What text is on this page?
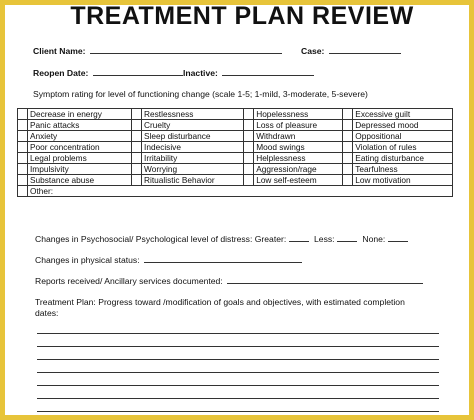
TREATMENT PLAN REVIEW
Client Name:	Case:
Reopen Date:	Inactive:
Symptom rating for level of functioning change (scale 1-5; 1-mild, 3-moderate, 5-severe)
	Decrease in energy		Restlessness		Hopelessness		Excessive guilt
	Panic attacks		Cruelty		Loss of pleasure		Depressed mood
	Anxiety		Sleep disturbance		Withdrawn		Oppositional
	Poor concentration		Indecisive		Mood swings		Violation of rules
	Legal problems		Irritability		Helplessness		Eating disturbance
	Impulsivity		Worrying		Aggression/rage		Tearfulness
	Substance abuse		Ritualistic Behavior		Low self-esteem		Low motivation
	Other:						
Changes in Psychosocial/ Psychological level of distress: Greater:	Less:	None:
Changes in physical status:
Reports received/ Ancillary services documented:
Treatment Plan: Progress toward /modification of goals and objectives, with estimated completion
dates:
